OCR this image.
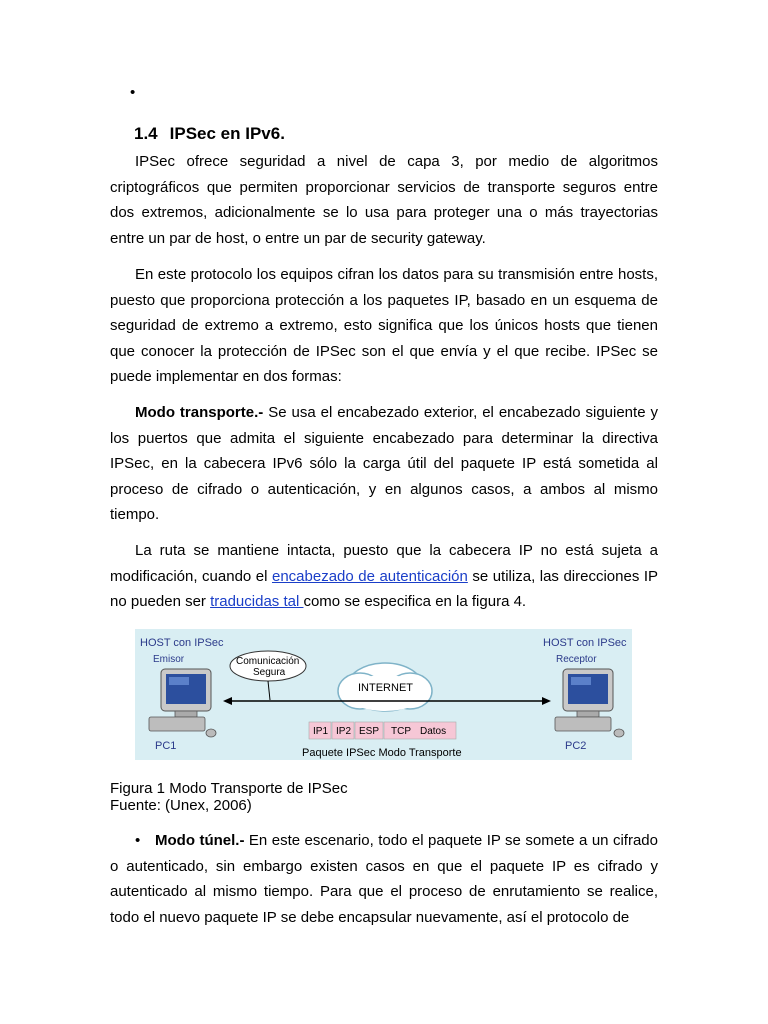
•
1.4 IPSec en IPv6.

IPSec ofrece seguridad a nivel de capa 3, por medio de algoritmos criptográficos que permiten proporcionar servicios de transporte seguros entre dos extremos, adicionalmente se lo usa para proteger una o más trayectorias entre un par de host, o entre un par de security gateway.

En este protocolo los equipos cifran los datos para su transmisión entre hosts, puesto que proporciona protección a los paquetes IP, basado en un esquema de seguridad de extremo a extremo, esto significa que los únicos hosts que tienen que conocer la protección de IPSec son el que envía y el que recibe. IPSec se puede implementar en dos formas:

Modo transporte.- Se usa el encabezado exterior, el encabezado siguiente y los puertos que admita el siguiente encabezado para determinar la directiva IPSec, en la cabecera IPv6 sólo la carga útil del paquete IP está sometida al proceso de cifrado o autenticación, y en algunos casos, a ambos al mismo tiempo.

La ruta se mantiene intacta, puesto que la cabecera IP no está sujeta a modificación, cuando el encabezado de autenticación se utiliza, las direcciones IP no pueden ser traducidas tal como se especifica en la figura 4.

HOST con IPSec
Emisor
PC1
HOST con IPSec
Receptor
PC2
INTERNET
Comunicación
Segura
IP1 IP2 ESP TCP Datos
Paquete IPSec Modo Transporte

Figura 1 Modo Transporte de IPSec
Fuente: (Unex, 2006)

• Modo túnel.- En este escenario, todo el paquete IP se somete a un cifrado o autenticado, sin embargo existen casos en que el paquete IP es cifrado y autenticado al mismo tiempo. Para que el proceso de enrutamiento se realice, todo el nuevo paquete IP se debe encapsular nuevamente, así el protocolo de
